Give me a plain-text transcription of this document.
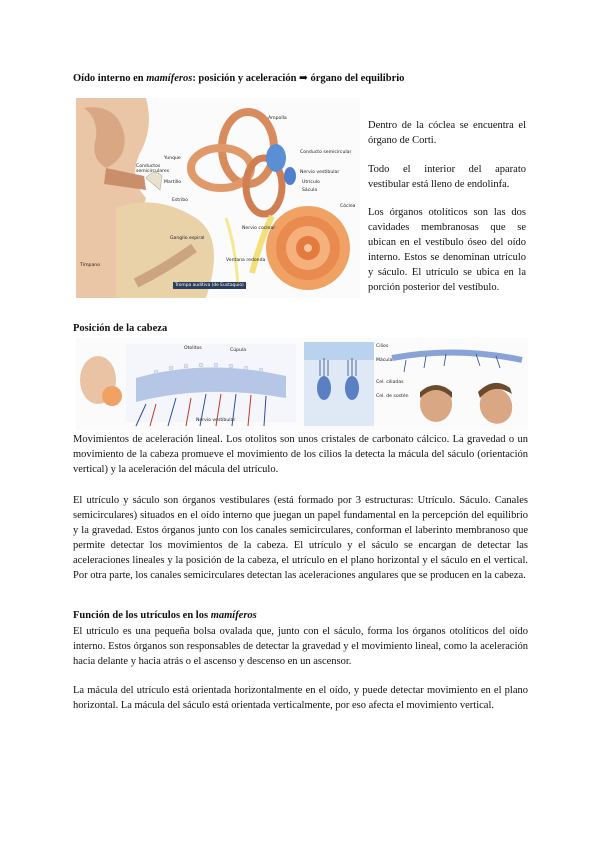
Oído interno en mamíferos: posición y aceleración ➡ órgano del equilibrio
Ampolla
Conducto semicircular
Conductos semicirculares
Yunque
Martillo
Estribo
Tímpano
Nervio vestibular
Nervio coclear
Utrículo
Sáculo
Cóclea
Ganglio espiral
Ventana redonda
Trompa auditiva (de Eustaquio)
Dentro de la cóclea se encuentra el órgano de Corti.
Todo el interior del aparato vestibular está lleno de endolinfa.
Los órganos otolíticos son las dos cavidades membranosas que se ubican en el vestíbulo óseo del oído interno. Estos se denominan utrículo y sáculo. El utrículo se ubica en la porción posterior del vestíbulo.
Posición de la cabeza
Otolitos	Cúpula
Cilios
Cel. ciliadas
Cel. de sostén
Mácula
Nervio vestibular
Movimientos de aceleración lineal. Los otolitos son unos cristales de carbonato cálcico. La gravedad o un movimiento de la cabeza promueve el movimiento de los cilios la detecta la mácula del sáculo (orientación vertical) y la aceleración del mácula del utrículo.
El utrículo y sáculo son órganos vestibulares (está formado por 3 estructuras: Utrículo. Sáculo. Canales semicirculares) situados en el oído interno que juegan un papel fundamental en la percepción del equilibrio y la gravedad. Estos órganos junto con los canales semicirculares, conforman el laberinto membranoso que permite detectar los movimientos de la cabeza. El utrículo y el sáculo se encargan de detectar las aceleraciones lineales y la posición de la cabeza, el utrículo en el plano horizontal y el sáculo en el vertical. Por otra parte, los canales semicirculares detectan las aceleraciones angulares que se producen en la cabeza.
Función de los utrículos en los mamíferos
El utrículo es una pequeña bolsa ovalada que, junto con el sáculo, forma los órganos otolíticos del oído interno. Estos órganos son responsables de detectar la gravedad y el movimiento lineal, como la aceleración hacia delante y hacia atrás o el ascenso y descenso en un ascensor.
La mácula del utrículo está orientada horizontalmente en el oído, y puede detectar movimiento en el plano horizontal. La mácula del sáculo está orientada verticalmente, por eso afecta el movimiento vertical.
